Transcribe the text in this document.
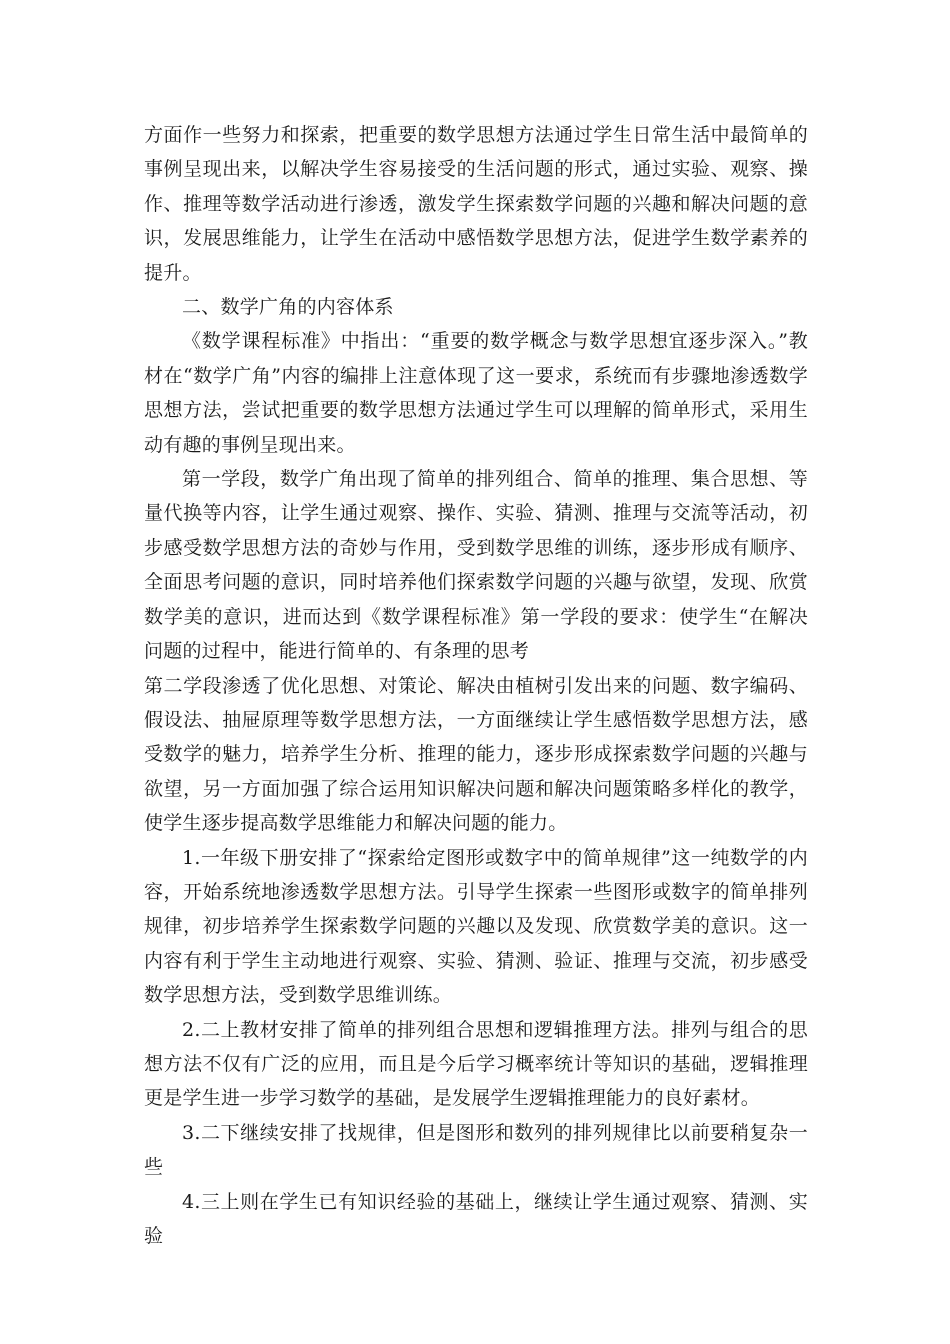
方面作一些努力和探索，把重要的数学思想方法通过学生日常生活中最简单的事例呈现出来，以解决学生容易接受的生活问题的形式，通过实验、观察、操作、推理等数学活动进行渗透，激发学生探索数学问题的兴趣和解决问题的意识，发展思维能力，让学生在活动中感悟数学思想方法，促进学生数学素养的提升。

二、数学广角的内容体系

《数学课程标准》中指出：“重要的数学概念与数学思想宜逐步深入。”教材在“数学广角”内容的编排上注意体现了这一要求，系统而有步骤地渗透数学思想方法，尝试把重要的数学思想方法通过学生可以理解的简单形式，采用生动有趣的事例呈现出来。

第一学段，数学广角出现了简单的排列组合、简单的推理、集合思想、等量代换等内容，让学生通过观察、操作、实验、猜测、推理与交流等活动，初步感受数学思想方法的奇妙与作用，受到数学思维的训练，逐步形成有顺序、全面思考问题的意识，同时培养他们探索数学问题的兴趣与欲望，发现、欣赏数学美的意识，进而达到《数学课程标准》第一学段的要求：使学生“在解决问题的过程中，能进行简单的、有条理的思考

第二学段渗透了优化思想、对策论、解决由植树引发出来的问题、数字编码、假设法、抽屉原理等数学思想方法，一方面继续让学生感悟数学思想方法，感受数学的魅力，培养学生分析、推理的能力，逐步形成探索数学问题的兴趣与欲望，另一方面加强了综合运用知识解决问题和解决问题策略多样化的教学，使学生逐步提高数学思维能力和解决问题的能力。

1.一年级下册安排了“探索给定图形或数字中的简单规律”这一纯数学的内容，开始系统地渗透数学思想方法。引导学生探索一些图形或数字的简单排列规律，初步培养学生探索数学问题的兴趣以及发现、欣赏数学美的意识。这一内容有利于学生主动地进行观察、实验、猜测、验证、推理与交流，初步感受数学思想方法，受到数学思维训练。

2.二上教材安排了简单的排列组合思想和逻辑推理方法。排列与组合的思想方法不仅有广泛的应用，而且是今后学习概率统计等知识的基础，逻辑推理更是学生进一步学习数学的基础，是发展学生逻辑推理能力的良好素材。

3.二下继续安排了找规律，但是图形和数列的排列规律比以前要稍复杂一些

4.三上则在学生已有知识经验的基础上，继续让学生通过观察、猜测、实验
